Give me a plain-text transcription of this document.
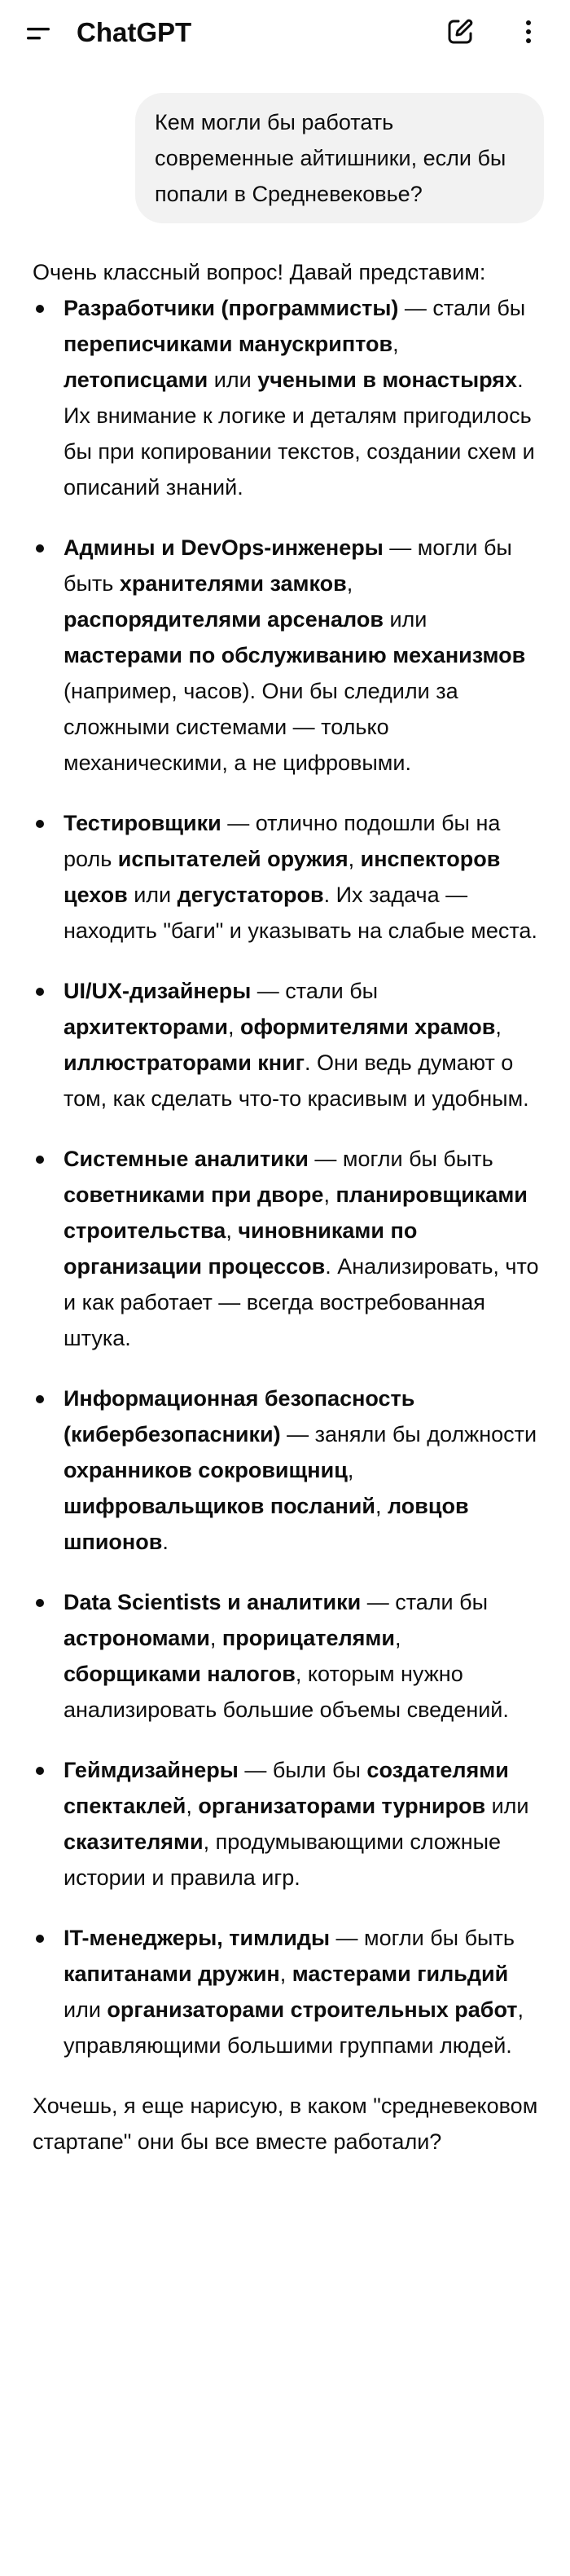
ChatGPT
Кем могли бы работать современные айтишники, если бы попали в Средневековье?

Очень классный вопрос! Давай представим:

Разработчики (программисты) — стали бы переписчиками манускриптов, летописцами или учеными в монастырях. Их внимание к логике и деталям пригодилось бы при копировании текстов, создании схем и описаний знаний.
Админы и DevOps-инженеры — могли бы быть хранителями замков, распорядителями арсеналов или мастерами по обслуживанию механизмов (например, часов). Они бы следили за сложными системами — только механическими, а не цифровыми.
Тестировщики — отлично подошли бы на роль испытателей оружия, инспекторов цехов или дегустаторов. Их задача — находить "баги" и указывать на слабые места.
UI/UX-дизайнеры — стали бы архитекторами, оформителями храмов, иллюстраторами книг. Они ведь думают о том, как сделать что-то красивым и удобным.
Системные аналитики — могли бы быть советниками при дворе, планировщиками строительства, чиновниками по организации процессов. Анализировать, что и как работает — всегда востребованная штука.
Информационная безопасность (кибербезопасники) — заняли бы должности охранников сокровищниц, шифровальщиков посланий, ловцов шпионов.
Data Scientists и аналитики — стали бы астрономами, прорицателями, сборщиками налогов, которым нужно анализировать большие объемы сведений.
Геймдизайнеры — были бы создателями спектаклей, организаторами турниров или сказителями, продумывающими сложные истории и правила игр.
IT-менеджеры, тимлиды — могли бы быть капитанами дружин, мастерами гильдий или организаторами строительных работ, управляющими большими группами людей.

Хочешь, я еще нарисую, в каком "средневековом стартапе" они бы все вместе работали?
